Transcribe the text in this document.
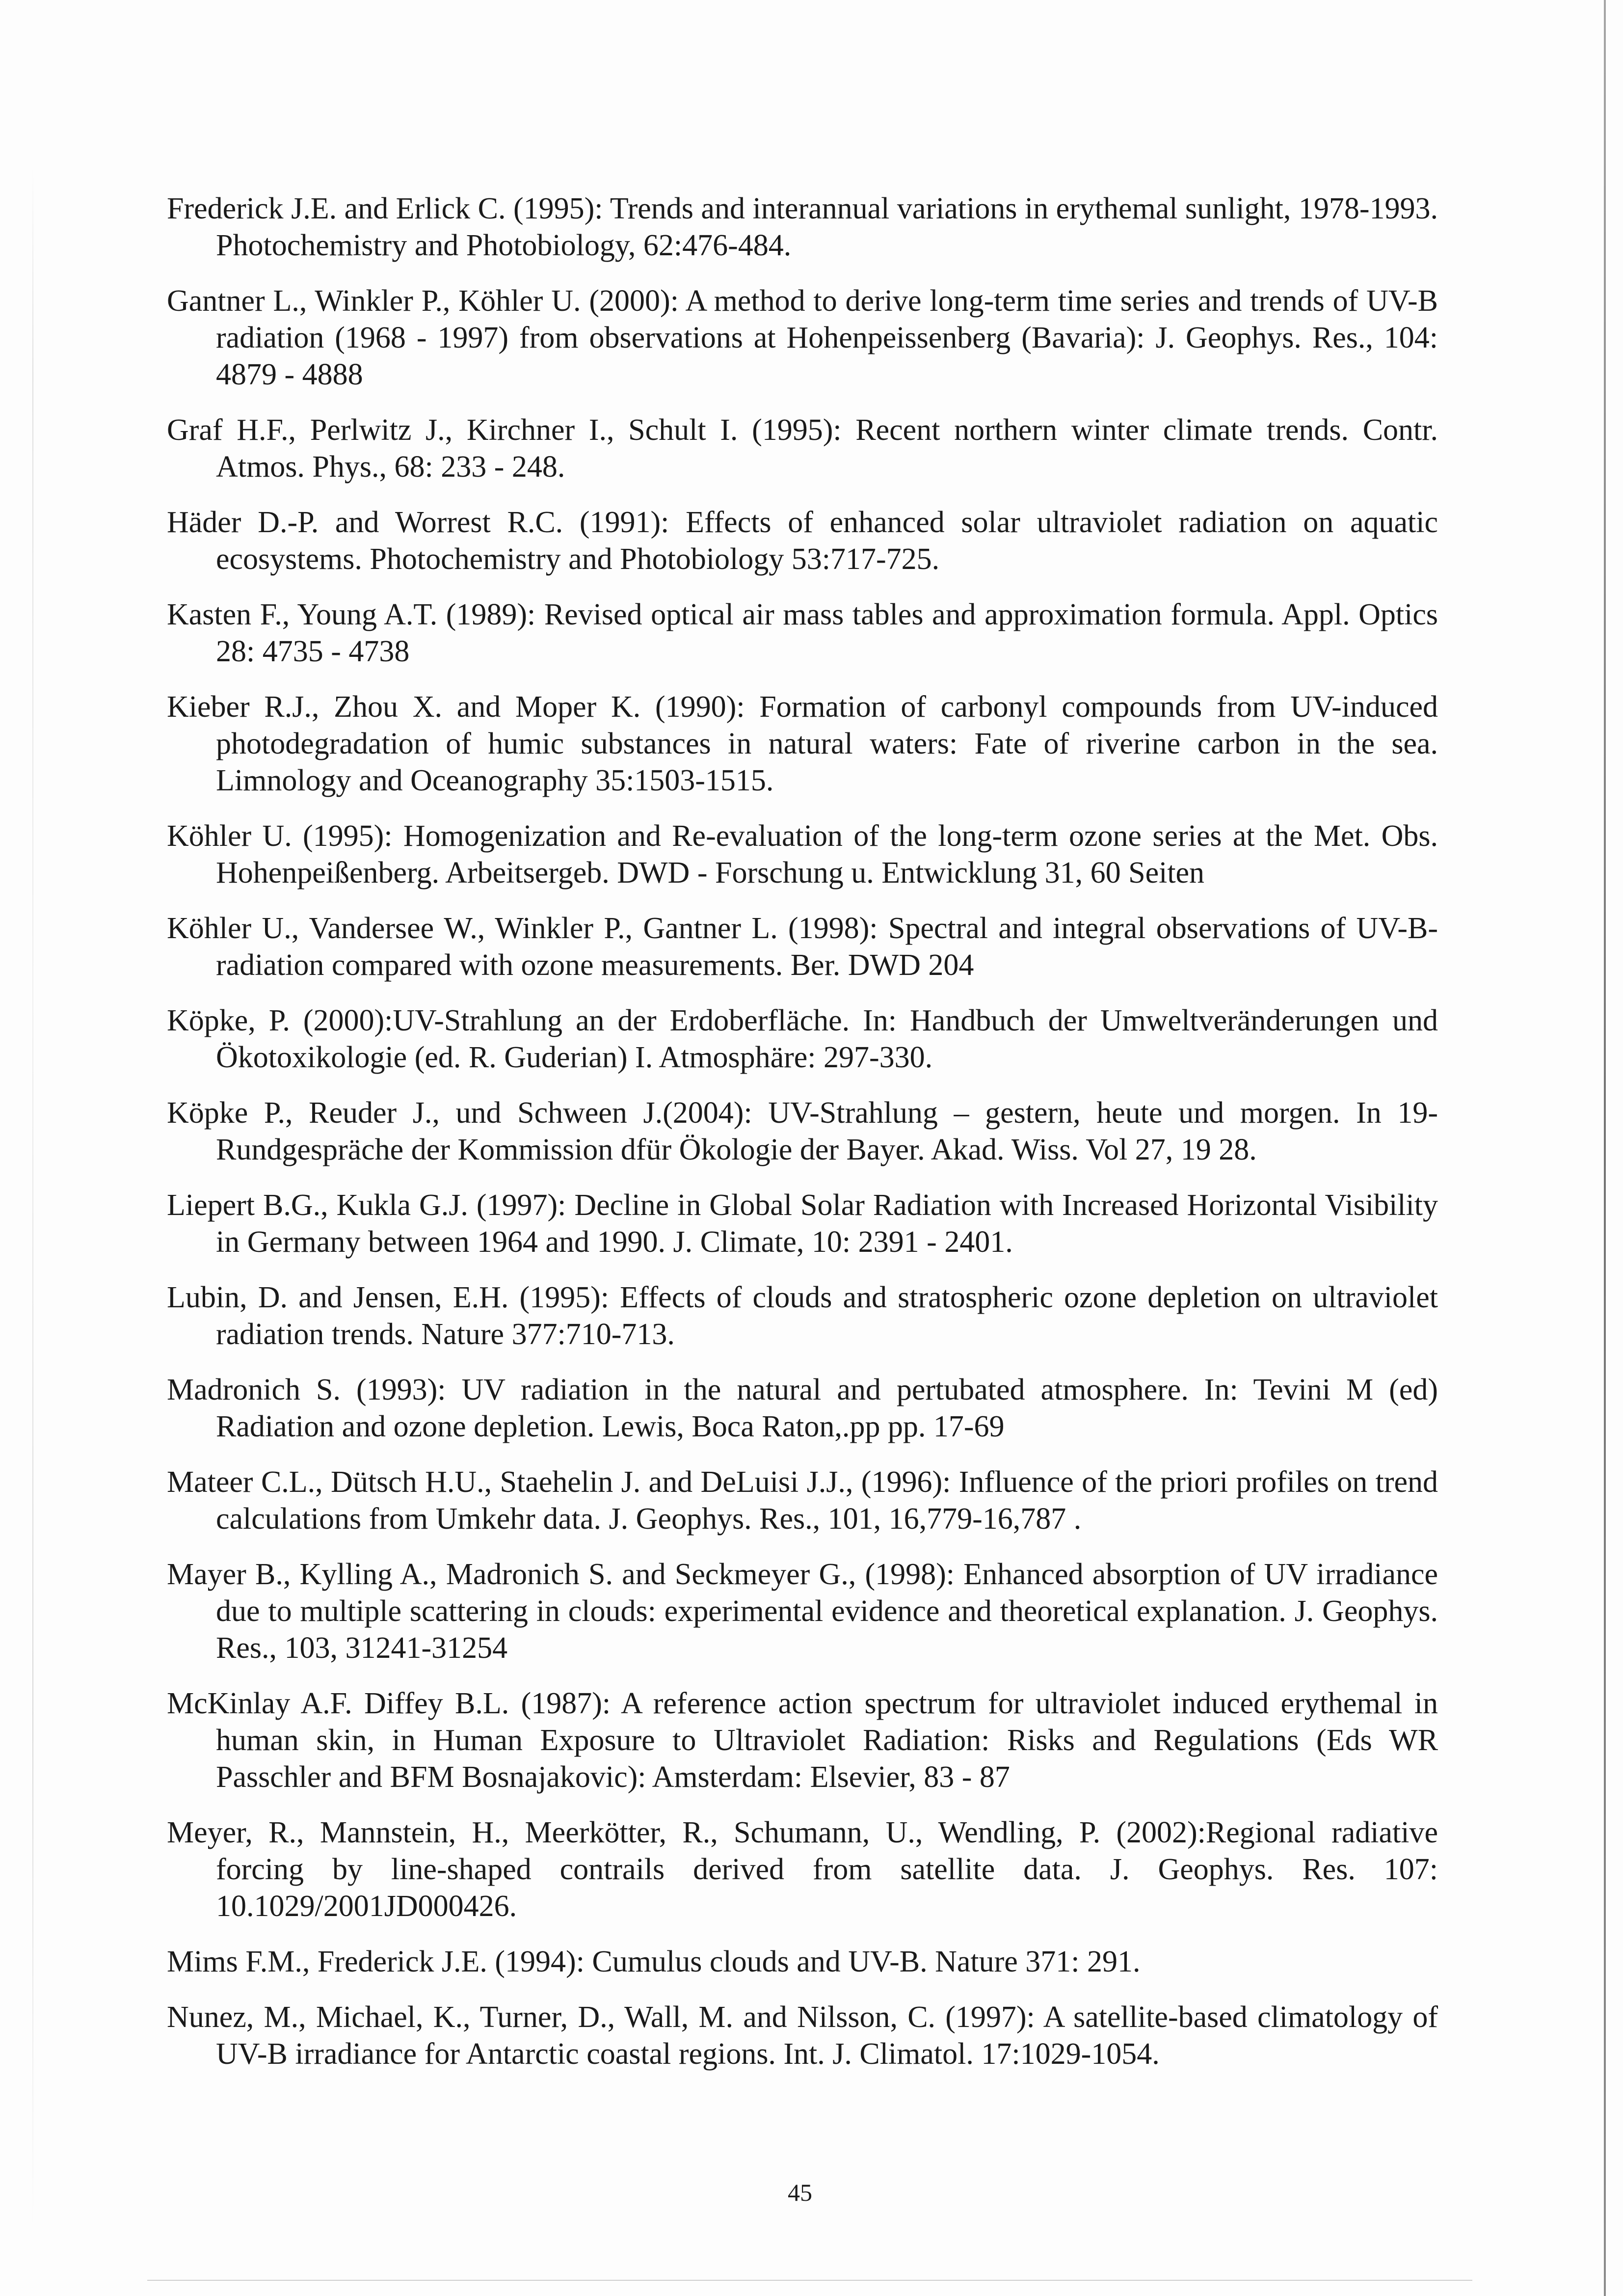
Frederick J.E. and Erlick C. (1995): Trends and interannual variations in erythemal sunlight, 1978-1993. Photochemistry and Photobiology, 62:476-484.

Gantner L., Winkler P., Köhler U. (2000): A method to derive long-term time series and trends of UV-B radiation (1968 - 1997) from observations at Hohenpeissenberg (Bavaria): J. Geophys. Res., 104: 4879 - 4888

Graf H.F., Perlwitz J., Kirchner I., Schult I. (1995): Recent northern winter climate trends. Contr. Atmos. Phys., 68: 233 - 248.

Häder D.-P. and Worrest R.C. (1991): Effects of enhanced solar ultraviolet radiation on aquatic ecosystems. Photochemistry and Photobiology 53:717-725.

Kasten F., Young A.T. (1989): Revised optical air mass tables and approximation formula. Appl. Optics 28: 4735 - 4738

Kieber R.J., Zhou X. and Moper K. (1990): Formation of carbonyl compounds from UV-induced photodegradation of humic substances in natural waters: Fate of riverine carbon in the sea. Limnology and Oceanography 35:1503-1515.

Köhler U. (1995): Homogenization and Re-evaluation of the long-term ozone series at the Met. Obs. Hohenpeißenberg. Arbeitsergeb. DWD - Forschung u. Entwicklung 31, 60 Seiten

Köhler U., Vandersee W., Winkler P., Gantner L. (1998): Spectral and integral observations of UV-B-radiation compared with ozone measurements. Ber. DWD 204

Köpke, P. (2000):UV-Strahlung an der Erdoberfläche. In: Handbuch der Umweltveränderungen und Ökotoxikologie (ed. R. Guderian) I. Atmosphäre: 297-330.

Köpke P., Reuder J., und Schween J.(2004): UV-Strahlung – gestern, heute und morgen. In 19-Rundgespräche der Kommission dfür Ökologie der Bayer. Akad. Wiss. Vol 27, 19 28.

Liepert B.G., Kukla G.J. (1997): Decline in Global Solar Radiation with Increased Horizontal Visibility in Germany between 1964 and 1990. J. Climate, 10: 2391 - 2401.

Lubin, D. and Jensen, E.H. (1995): Effects of clouds and stratospheric ozone depletion on ultraviolet radiation trends. Nature 377:710-713.

Madronich S. (1993): UV radiation in the natural and pertubated atmosphere. In: Tevini M (ed) Radiation and ozone depletion. Lewis, Boca Raton,.pp pp. 17-69

Mateer C.L., Dütsch H.U., Staehelin J. and DeLuisi J.J., (1996): Influence of the priori profiles on trend calculations from Umkehr data. J. Geophys. Res., 101, 16,779-16,787 .

Mayer B., Kylling A., Madronich S. and Seckmeyer G., (1998): Enhanced absorption of UV irradiance due to multiple scattering in clouds: experimental evidence and theoretical explanation. J. Geophys. Res., 103, 31241-31254

McKinlay A.F. Diffey B.L. (1987): A reference action spectrum for ultraviolet induced erythemal in human skin, in Human Exposure to Ultraviolet Radiation: Risks and Regulations (Eds WR Passchler and BFM Bosnajakovic): Amsterdam: Elsevier, 83 - 87

Meyer, R., Mannstein, H., Meerkötter, R., Schumann, U., Wendling, P. (2002):Regional radiative forcing by line-shaped contrails derived from satellite data. J. Geophys. Res. 107: 10.1029/2001JD000426.

Mims F.M., Frederick J.E. (1994): Cumulus clouds and UV-B. Nature 371: 291.

Nunez, M., Michael, K., Turner, D., Wall, M. and Nilsson, C. (1997): A satellite-based climatology of UV-B irradiance for Antarctic coastal regions. Int. J. Climatol. 17:1029-1054.

45
